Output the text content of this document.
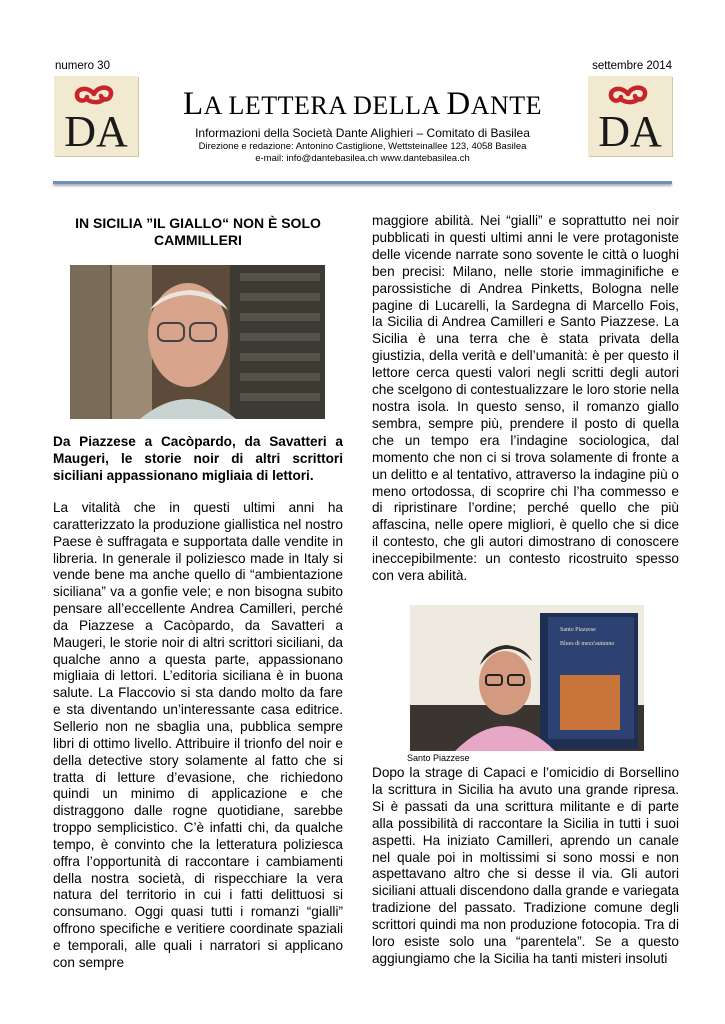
numero 30	settembre 2014
DA	DA
LA LETTERA DELLA DANTE
Informazioni della Società Dante Alighieri – Comitato di Basilea
Direzione e redazione: Antonino Castiglione, Wettsteinallee 123, 4058 Basilea
e-mail: info@dantebasilea.ch www.dantebasilea.ch
IN SICILIA ”IL GIALLO“ NON È SOLO CAMMILLERI
Da Piazzese a Cacòpardo, da Savatteri a Maugeri, le storie noir di altri scrittori siciliani appassionano migliaia di lettori.

La vitalità che in questi ultimi anni ha caratterizzato la produzione giallistica nel nostro Paese è suffragata e supportata dalle vendite in libreria. In generale il poliziesco made in Italy si vende bene ma anche quello di “ambientazione siciliana” va a gonfie vele; e non bisogna subito pensare all’eccellente Andrea Camilleri, perché da Piazzese a Cacòpardo, da Savatteri a Maugeri, le storie noir di altri scrittori siciliani, da qualche anno a questa parte, appassionano migliaia di lettori. L’editoria siciliana è in buona salute. La Flaccovio si sta dando molto da fare e sta diventando un’interessante casa editrice. Sellerio non ne sbaglia una, pubblica sempre libri di ottimo livello. Attribuire il trionfo del noir e della detective story solamente al fatto che si tratta di letture d’evasione, che richiedono quindi un minimo di applicazione e che distraggono dalle rogne quotidiane, sarebbe troppo semplicistico. C’è infatti chi, da qualche tempo, è convinto che la letteratura poliziesca offra l’opportunità di raccontare i cambiamenti della nostra società, di rispecchiare la vera natura del territorio in cui i fatti delittuosi si consumano. Oggi quasi tutti i romanzi “gialli” offrono specifiche e veritiere coordinate spaziali e temporali, alle quali i narratori si applicano con sempre

maggiore abilità. Nei “gialli” e soprattutto nei noir pubblicati in questi ultimi anni le vere protagoniste delle vicende narrate sono sovente le città o luoghi ben precisi: Milano, nelle storie immaginifiche e parossistiche di Andrea Pinketts, Bologna nelle pagine di Lucarelli, la Sardegna di Marcello Fois, la Sicilia di Andrea Camilleri e Santo Piazzese. La Sicilia è una terra che è stata privata della giustizia, della verità e dell’umanità: è per questo il lettore cerca questi valori negli scritti degli autori che scelgono di contestualizzare le loro storie nella nostra isola. In questo senso, il romanzo giallo sembra, sempre più, prendere il posto di quella che un tempo era l’indagine sociologica, dal momento che non ci si trova solamente di fronte a un delitto e al tentativo, attraverso la indagine più o meno ortodossa, di scoprire chi l’ha commesso e di ripristinare l’ordine; perché quello che più affascina, nelle opere migliori, è quello che si dice il contesto, che gli autori dimostrano di conoscere ineccepibilmente: un contesto ricostruito spesso con vera abilità.

Santo Piazzese
Blues di mezz'autunno
Santo Piazzese

Dopo la strage di Capaci e l’omicidio di Borsellino la scrittura in Sicilia ha avuto una grande ripresa. Si è passati da una scrittura militante e di parte alla possibilità di raccontare la Sicilia in tutti i suoi aspetti. Ha iniziato Camilleri, aprendo un canale nel quale poi in moltissimi si sono mossi e non aspettavano altro che si desse il via. Gli autori siciliani attuali discendono dalla grande e variegata tradizione del passato. Tradizione comune degli scrittori quindi ma non produzione fotocopia. Tra di loro esiste solo una “parentela”. Se a questo aggiungiamo che la Sicilia ha tanti misteri insoluti
